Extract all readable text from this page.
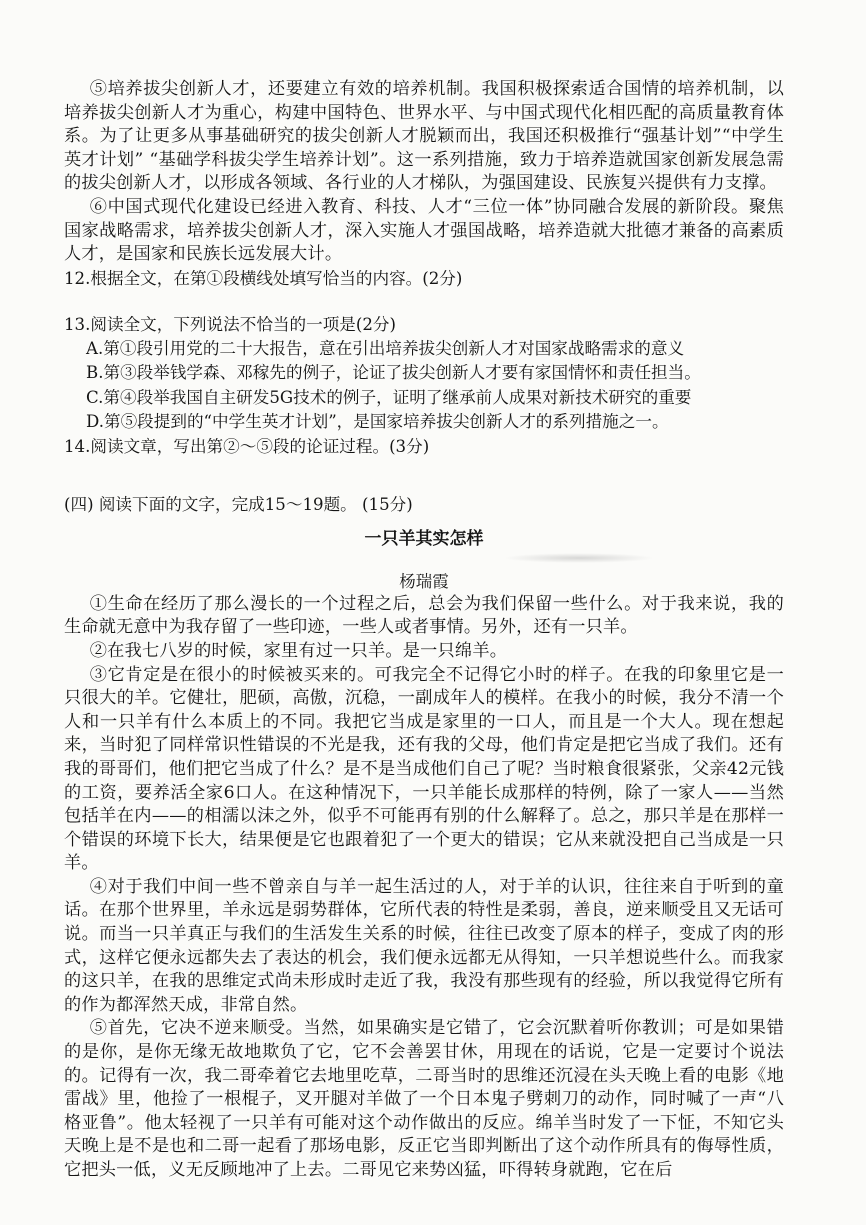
⑤培养拔尖创新人才，还要建立有效的培养机制。我国积极探索适合国情的培养机制，以培养拔尖创新人才为重心，构建中国特色、世界水平、与中国式现代化相匹配的高质量教育体系。为了让更多从事基础研究的拔尖创新人才脱颖而出，我国还积极推行“强基计划”“中学生英才计划” “基础学科拔尖学生培养计划”。这一系列措施，致力于培养造就国家创新发展急需的拔尖创新人才，以形成各领域、各行业的人才梯队，为强国建设、民族复兴提供有力支撑。

⑥中国式现代化建设已经进入教育、科技、人才“三位一体”协同融合发展的新阶段。聚焦国家战略需求，培养拔尖创新人才，深入实施人才强国战略，培养造就大批德才兼备的高素质人才，是国家和民族长远发展大计。

12.根据全文，在第①段横线处填写恰当的内容。(2分)

13.阅读全文，下列说法不恰当的一项是(2分)

A.第①段引用党的二十大报告，意在引出培养拔尖创新人才对国家战略需求的意义

B.第③段举钱学森、邓稼先的例子，论证了拔尖创新人才要有家国情怀和责任担当。

C.第④段举我国自主研发5G技术的例子，证明了继承前人成果对新技术研究的重要

D.第⑤段提到的“中学生英才计划”，是国家培养拔尖创新人才的系列措施之一。

14.阅读文章，写出第②～⑤段的论证过程。(3分)

(四) 阅读下面的文字，完成15～19题。 (15分)

一只羊其实怎样

杨瑞霞

①生命在经历了那么漫长的一个过程之后，总会为我们保留一些什么。对于我来说，我的生命就无意中为我存留了一些印迹，一些人或者事情。另外，还有一只羊。

②在我七八岁的时候，家里有过一只羊。是一只绵羊。

③它肯定是在很小的时候被买来的。可我完全不记得它小时的样子。在我的印象里它是一只很大的羊。它健壮，肥硕，高傲，沉稳，一副成年人的模样。在我小的时候，我分不清一个人和一只羊有什么本质上的不同。我把它当成是家里的一口人，而且是一个大人。现在想起来，当时犯了同样常识性错误的不光是我，还有我的父母，他们肯定是把它当成了我们。还有我的哥哥们，他们把它当成了什么？是不是当成他们自己了呢？当时粮食很紧张，父亲42元钱的工资，要养活全家6口人。在这种情况下，一只羊能长成那样的特例，除了一家人——当然包括羊在内——的相濡以沫之外，似乎不可能再有别的什么解释了。总之，那只羊是在那样一个错误的环境下长大，结果便是它也跟着犯了一个更大的错误；它从来就没把自己当成是一只羊。

④对于我们中间一些不曾亲自与羊一起生活过的人，对于羊的认识，往往来自于听到的童话。在那个世界里，羊永远是弱势群体，它所代表的特性是柔弱，善良，逆来顺受且又无话可说。而当一只羊真正与我们的生活发生关系的时候，往往已改变了原本的样子，变成了肉的形式，这样它便永远都失去了表达的机会，我们便永远都无从得知，一只羊想说些什么。而我家的这只羊，在我的思维定式尚未形成时走近了我，我没有那些现有的经验，所以我觉得它所有的作为都浑然天成，非常自然。

⑤首先，它决不逆来顺受。当然，如果确实是它错了，它会沉默着听你教训；可是如果错的是你，是你无缘无故地欺负了它，它不会善罢甘休，用现在的话说，它是一定要讨个说法的。记得有一次，我二哥牵着它去地里吃草，二哥当时的思维还沉浸在头天晚上看的电影《地雷战》里，他捡了一根棍子，叉开腿对羊做了一个日本鬼子劈刺刀的动作，同时喊了一声“八格亚鲁”。他太轻视了一只羊有可能对这个动作做出的反应。绵羊当时发了一下怔，不知它头天晚上是不是也和二哥一起看了那场电影，反正它当即判断出了这个动作所具有的侮辱性质，它把头一低，义无反顾地冲了上去。二哥见它来势凶猛，吓得转身就跑，它在后
